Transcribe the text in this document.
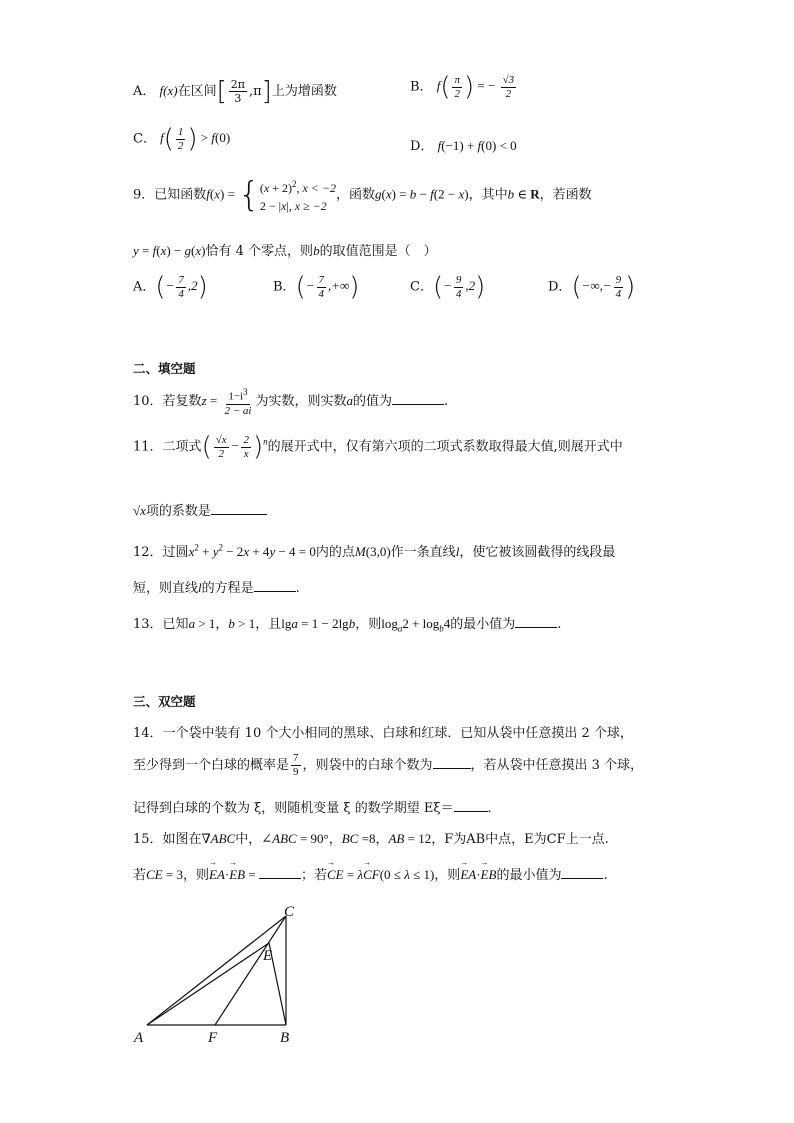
A． f(x)在区间[ $\frac{2\pi}{3} ,\pi$]上为增函数	B． $f( \frac{\pi}{2}$ ) = − $\frac{√3}{2}$
C． $f( \frac{1}{2}$ ) > f(0)
D． f(−1) + f(0) < 0
9．已知函数f(x) = { $(x + 2)^2$, x < −2
2 − |x|, x ≥ −2
，函数g(x) = b − f(2 − x)，其中b ∈ R，若函数
y = f(x) − g(x)恰有 4 个零点，则b的取值范围是（　）
A．(− $\frac{7}{4} ,2$)	B．(− $\frac{7}{4}$ ,+∞)	C．(− $\frac{9}{4} ,2$)	D．(−∞,− $\frac{9}{4}$ )
二、填空题
10．若复数$z = \frac{1-i^3}{2 - ai}$ 为实数，则实数a的值为	.
11．二项式( $\frac{√x}{2} - \frac{2}{x} )^n$的展开式中，仅有第六项的二项式系数取得最大值,则展开式中
√x项的系数是
12．过圆$x^2 + y^2 - 2x + 4y - 4 = 0$内的点M(3,0)作一条直线l，使它被该圆截得的线段最
短，则直线l的方程是	.
13．已知a > 1，b > 1，且lga = 1 − 2lgb，则$\log_a2 + \log_b4$的最小值为	.
三、双空题
14．一个袋中装有 10 个大小相同的黑球、白球和红球．已知从袋中任意摸出 2 个球，
至少得到一个白球的概率是 $\frac{7}{9}$ ，则袋中的白球个数为	，若从袋中任意摸出 3 个球，
记得到白球的个数为 ξ，则随机变量 ξ 的数学期望 Eξ＝	．
15．如图在∇ABC中，∠ABC = 90°，BC =8，AB = 12，F为AB中点，E为CF上一点.
若CE = 3，则→ EA·→ EB =	；若→ CE = λ→ CF(0 ≤ λ ≤ 1)，则→ EA·→ EB的最小值为	.
A	B
C
E
F
